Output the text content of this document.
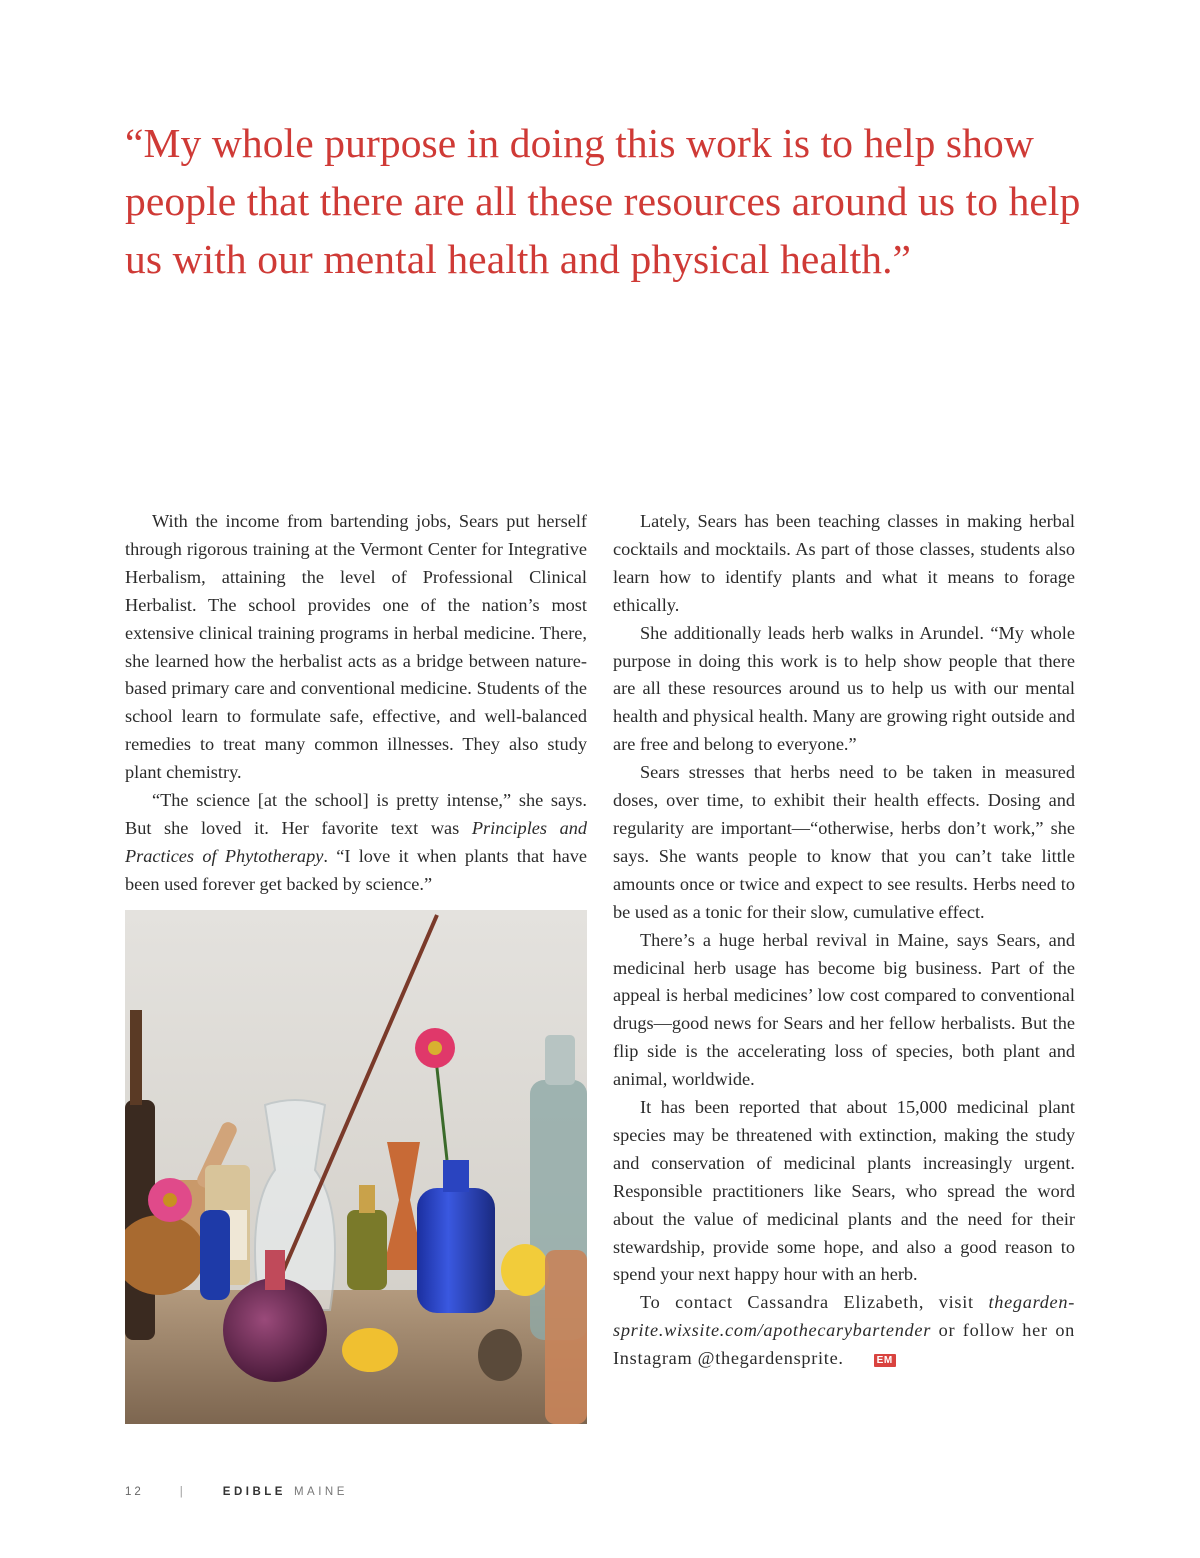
“My whole purpose in doing this work is to help show people that there are all these resources around us to help us with our mental health and physical health.”

With the income from bartending jobs, Sears put herself through rigorous training at the Vermont Center for Integrative Herbalism, attaining the level of Professional Clinical Herbalist. The school provides one of the nation’s most extensive clinical training programs in herbal medicine. There, she learned how the herbalist acts as a bridge between nature-based primary care and conventional medicine. Students of the school learn to formulate safe, effective, and well-balanced remedies to treat many common illnesses. They also study plant chemistry.

“The science [at the school] is pretty intense,” she says. But she loved it. Her favorite text was Principles and Practices of Phytotherapy. “I love it when plants that have been used forever get backed by science.”

Lately, Sears has been teaching classes in making herbal cocktails and mocktails. As part of those classes, students also learn how to identify plants and what it means to forage ethically.

She additionally leads herb walks in Arundel. “My whole purpose in doing this work is to help show people that there are all these resources around us to help us with our mental health and physical health. Many are growing right outside and are free and belong to everyone.”

Sears stresses that herbs need to be taken in measured doses, over time, to exhibit their health effects. Dosing and regularity are important—“otherwise, herbs don’t work,” she says. She wants people to know that you can’t take little amounts once or twice and expect to see results. Herbs need to be used as a tonic for their slow, cumulative effect.

There’s a huge herbal revival in Maine, says Sears, and medicinal herb usage has become big business. Part of the appeal is herbal medicines’ low cost compared to conventional drugs—good news for Sears and her fellow herbalists. But the flip side is the accelerating loss of species, both plant and animal, worldwide.

It has been reported that about 15,000 medicinal plant species may be threatened with extinction, making the study and conservation of medicinal plants increasingly urgent. Responsible practitioners like Sears, who spread the word about the value of medicinal plants and the need for their stewardship, provide some hope, and also a good reason to spend your next happy hour with an herb.

To contact Cassandra Elizabeth, visit thegarden-sprite.wixsite.com/apothecarybartender or follow her on Instagram @thegardensprite.	EM

12	|	EDIBLE MAINE
